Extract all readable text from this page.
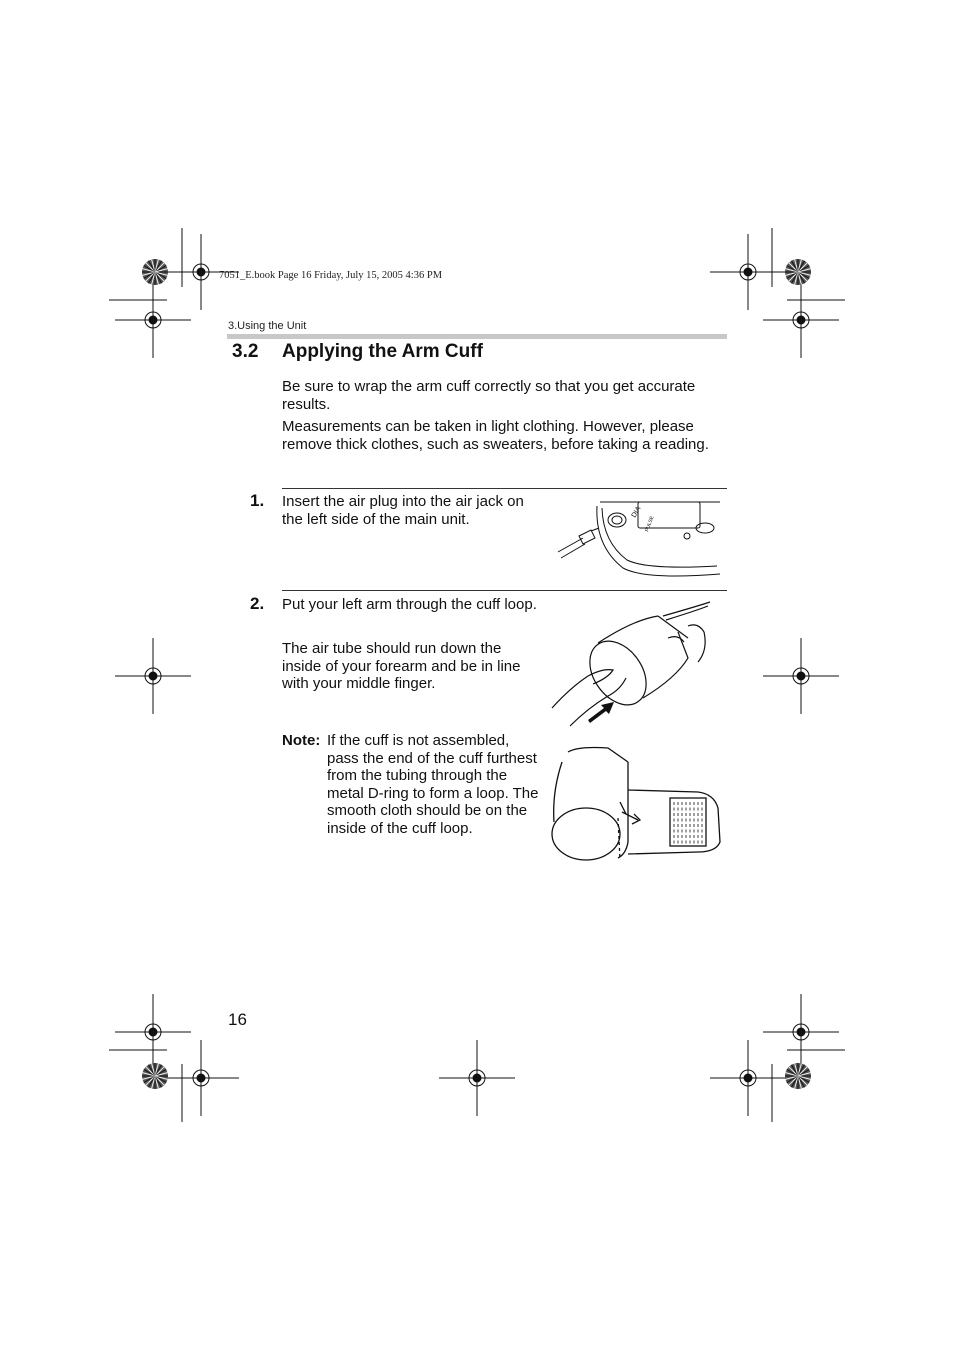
7051_E.book Page 16 Friday, July 15, 2005 4:36 PM
3.Using the Unit
3.2 Applying the Arm Cuff
Be sure to wrap the arm cuff correctly so that you get accurate results.
Measurements can be taken in light clothing. However, please remove thick clothes, such as sweaters, before taking a reading.
1. Insert the air plug into the air jack on the left side of the main unit.	DIA
PULSE
2. Put your left arm through the cuff loop.
The air tube should run down the inside of your forearm and be in line with your middle finger.
Note: If the cuff is not assembled, pass the end of the cuff furthest from the tubing through the metal D-ring to form a loop. The smooth cloth should be on the inside of the cuff loop.
16
